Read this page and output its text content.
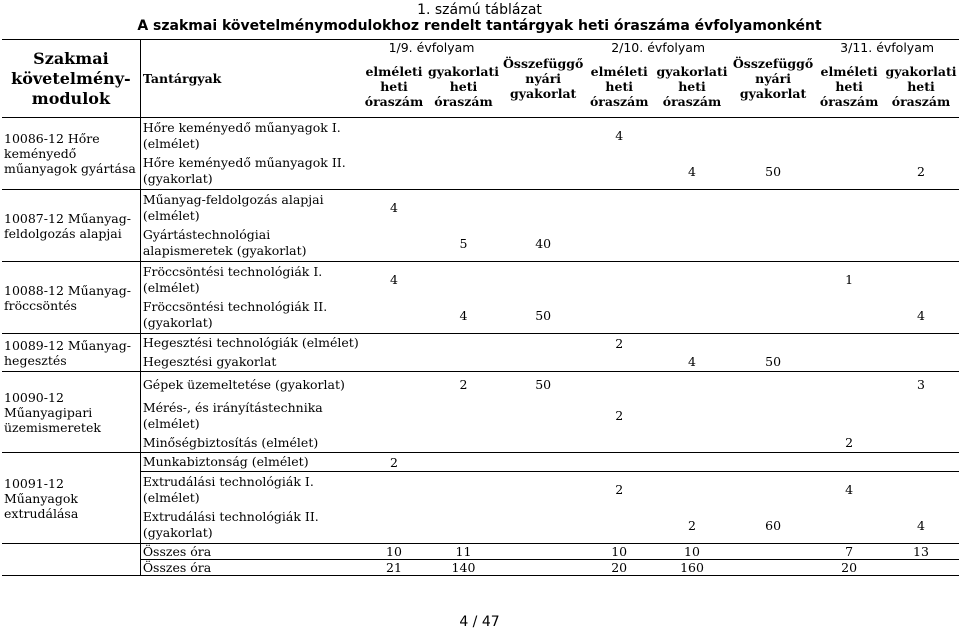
1. számú táblázat
A szakmai követelménymodulokhoz rendelt tantárgyak heti óraszáma évfolyamonként
Szakmai követelmény-modulok	Tantárgyak	1/9. évfolyam		Összefüggő nyári gyakorlat	2/10. évfolyam		Összefüggő nyári gyakorlat	3/11. évfolyam	
		elméleti heti óraszám	gyakorlati heti óraszám		elméleti heti óraszám	gyakorlati heti óraszám		elméleti heti óraszám	gyakorlati heti óraszám
10086-12 Hőre keményedő műanyagok gyártása	Hőre keményedő műanyagok I.(elmélet)				4				
	Hőre keményedő műanyagok II. (gyakorlat)					4	50		2
10087-12 Műanyag-feldolgozás alapjai	Műanyag-feldolgozás alapjai (elmélet)	4							
	Gyártástechnológiai alapismeretek (gyakorlat)		5	40					
10088-12 Műanyag-fröccsöntés	Fröccsöntési technológiák I. (elmélet)	4						1	
	Fröccsöntési technológiák II. (gyakorlat)		4	50					4
10089-12 Műanyag-hegesztés	Hegesztési technológiák (elmélet)				2				
	Hegesztési gyakorlat					4	50		
10090-12 Műanyagipari üzemismeretek	Gépek üzemeltetése (gyakorlat)		2	50					3
	Mérés-, és irányítástechnika (elmélet)				2				
	Minőségbiztosítás (elmélet)							2	
10091-12 Műanyagok extrudálása	Munkabiztonság (elmélet)	2							
	Extrudálási technológiák I. (elmélet)				2			4	
	Extrudálási technológiák II. (gyakorlat)					2	60		4
	Összes óra	10	11		10	10		7	13
	Összes óra	21	140		20	160		20	
4 / 47
